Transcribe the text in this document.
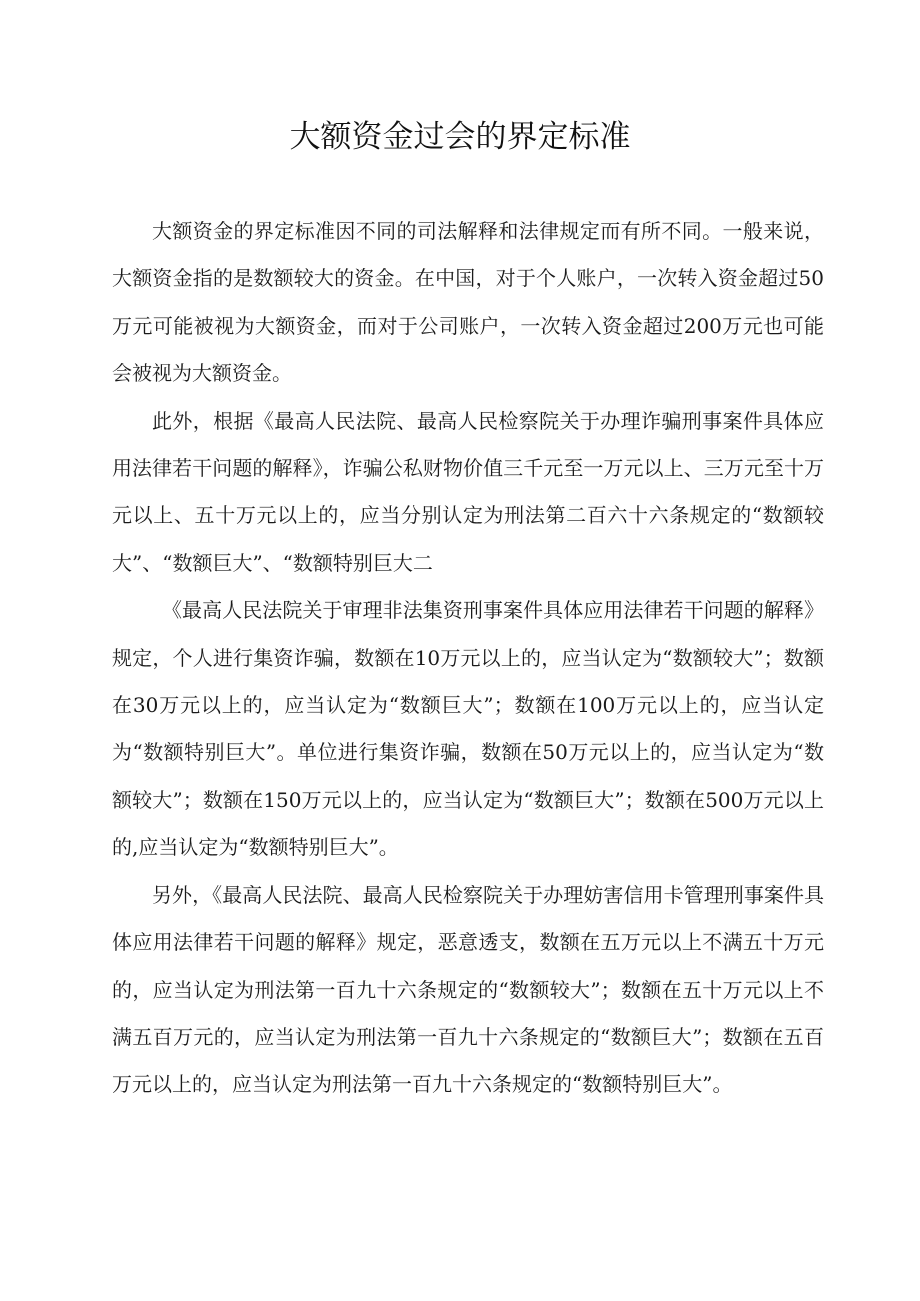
大额资金过会的界定标准

大额资金的界定标准因不同的司法解释和法律规定而有所不同。一般来说，大额资金指的是数额较大的资金。在中国，对于个人账户，一次转入资金超过50万元可能被视为大额资金，而对于公司账户，一次转入资金超过200万元也可能会被视为大额资金。

此外，根据《最高人民法院、最高人民检察院关于办理诈骗刑事案件具体应用法律若干问题的解释》，诈骗公私财物价值三千元至一万元以上、三万元至十万元以上、五十万元以上的，应当分别认定为刑法第二百六十六条规定的“数额较大”、“数额巨大”、“数额特别巨大二

《最高人民法院关于审理非法集资刑事案件具体应用法律若干问题的解释》规定，个人进行集资诈骗，数额在10万元以上的，应当认定为“数额较大”；数额在30万元以上的，应当认定为“数额巨大”；数额在100万元以上的，应当认定为“数额特别巨大”。单位进行集资诈骗，数额在50万元以上的，应当认定为“数额较大”；数额在150万元以上的，应当认定为“数额巨大”；数额在500万元以上的,应当认定为“数额特别巨大”。

另外，《最高人民法院、最高人民检察院关于办理妨害信用卡管理刑事案件具体应用法律若干问题的解释》规定，恶意透支，数额在五万元以上不满五十万元的，应当认定为刑法第一百九十六条规定的“数额较大”；数额在五十万元以上不满五百万元的，应当认定为刑法第一百九十六条规定的“数额巨大”；数额在五百万元以上的，应当认定为刑法第一百九十六条规定的“数额特别巨大”。
